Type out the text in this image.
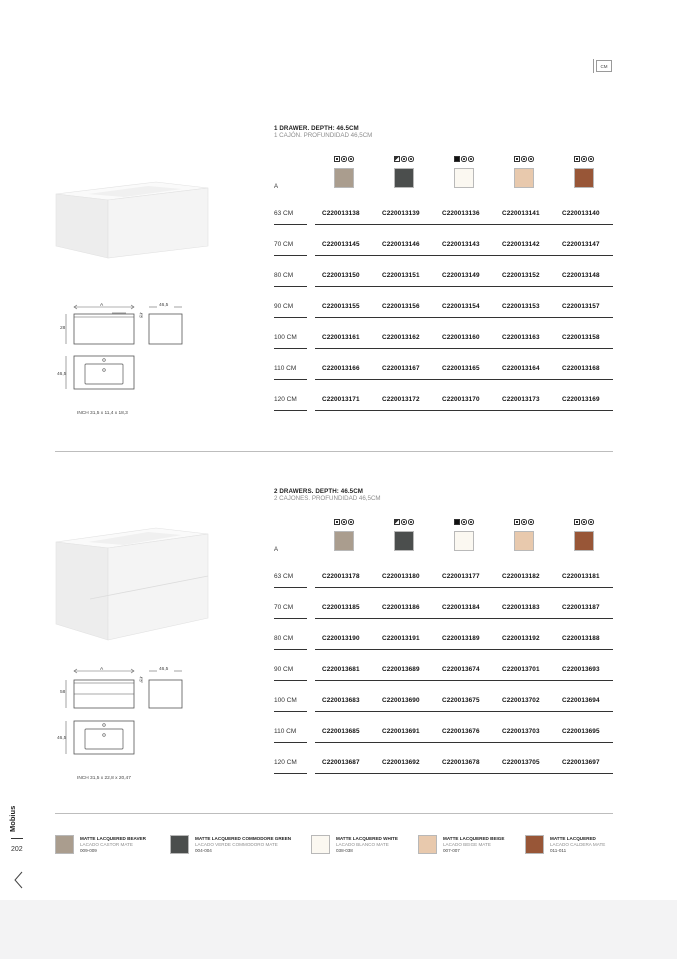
CM
1 DRAWER. DEPTH: 46.5CM
1 CAJÓN. PROFUNDIDAD 46,5CM
A
63 CM	C220013138	C220013139	C220013136	C220013141	C220013140
70 CM	C220013145	C220013146	C220013143	C220013142	C220013147
80 CM	C220013150	C220013151	C220013149	C220013152	C220013148
90 CM	C220013155	C220013156	C220013154	C220013153	C220013157
100 CM	C220013161	C220013162	C220013160	C220013163	C220013158
110 CM	C220013166	C220013167	C220013165	C220013164	C220013168
120 CM	C220013171	C220013172	C220013170	C220013173	C220013169
A	46,5
28
4,6
46,5
INCH 31,5 x 11,4 x 18,3
2 DRAWERS. DEPTH: 46.5CM
2 CAJONES. PROFUNDIDAD 46,5CM
A
63 CM	C220013178	C220013180	C220013177	C220013182	C220013181
70 CM	C220013185	C220013186	C220013184	C220013183	C220013187
80 CM	C220013190	C220013191	C220013189	C220013192	C220013188
90 CM	C220013681	C220013689	C220013674	C220013701	C220013693
100 CM	C220013683	C220013690	C220013675	C220013702	C220013694
110 CM	C220013685	C220013691	C220013676	C220013703	C220013695
120 CM	C220013687	C220013692	C220013678	C220013705	C220013697
A	46,5
58
4,6
46,5
INCH 31,5 x 22,8 x 20,47
MATTE LACQUERED BEAVER
LACADO CASTOR MATE
009-009
MATTE LACQUERED COMMODORE GREEN
LACADO VERDE COMMODORO MATE
004-004
MATTE LACQUERED WHITE
LACADO BLANCO MATE
038-038
MATTE LACQUERED BEIGE
LACADO BEIGE MATE
007-007
MATTE LACQUERED
LACADO CALDERA MATE
011-011
Mobius
202
